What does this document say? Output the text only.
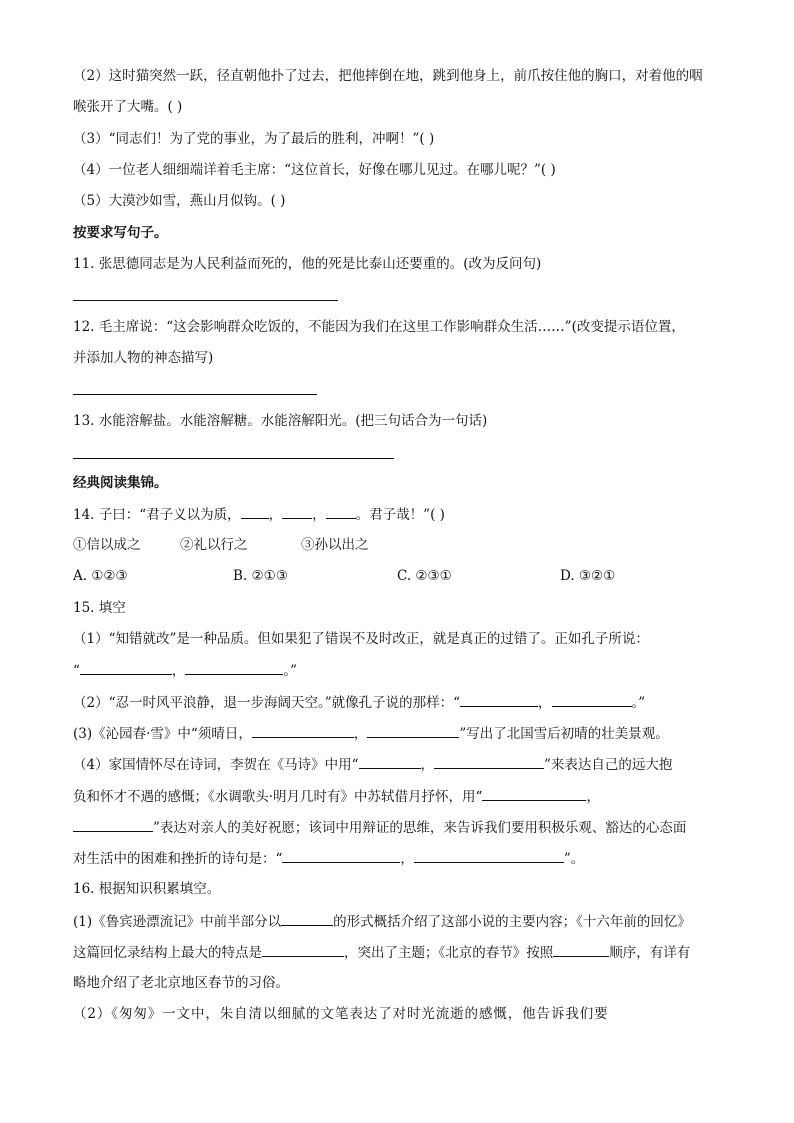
（2）这时猫突然一跃，径直朝他扑了过去，把他摔倒在地，跳到他身上，前爪按住他的胸口，对着他的咽
喉张开了大嘴。( )
（3）“同志们！为了党的事业，为了最后的胜利，冲啊！”( )
（4）一位老人细细端详着毛主席：“这位首长，好像在哪儿见过。在哪儿呢？”( )
（5）大漠沙如雪，燕山月似钩。( )
按要求写句子。
11. 张思德同志是为人民利益而死的，他的死是比泰山还要重的。(改为反问句)
12. 毛主席说：“这会影响群众吃饭的，不能因为我们在这里工作影响群众生活……”(改变提示语位置，
并添加人物的神态描写)
13. 水能溶解盐。水能溶解糖。水能溶解阳光。(把三句话合为一句话)
经典阅读集锦。
14. 子曰：“君子义以为质， ， ， 。君子哉！”( )
①信以成之	②礼以行之	③孙以出之
A. ①②③	B. ②①③	C. ②③①	D. ③②①
15. 填空
（1）“知错就改”是一种品质。但如果犯了错误不及时改正，就是真正的过错了。正如孔子所说：
“	，	。”
（2）“忍一时风平浪静，退一步海阔天空。”就像孔子说的那样：“	，	。”
(3)《沁园春·雪》中“须晴日，	，	”写出了北国雪后初晴的壮美景观。
（4）家国情怀尽在诗词，李贺在《马诗》中用“	，	”来表达自己的远大抱
负和怀才不遇的感慨；《水调歌头·明月几时有》中苏轼借月抒怀，用“	，
”表达对亲人的美好祝愿；该词中用辩证的思维，来告诉我们要用积极乐观、豁达的心态面
对生活中的困难和挫折的诗句是：“	，	”。
16. 根据知识积累填空。
(1)《鲁宾逊漂流记》中前半部分以	的形式概括介绍了这部小说的主要内容；《十六年前的回忆》
这篇回忆录结构上最大的特点是	，突出了主题；《北京的春节》按照	顺序，有详有
略地介绍了老北京地区春节的习俗。
（2）《匆匆》一文中，朱自清以细腻的文笔表达了对时光流逝的感慨，他告诉我们要
